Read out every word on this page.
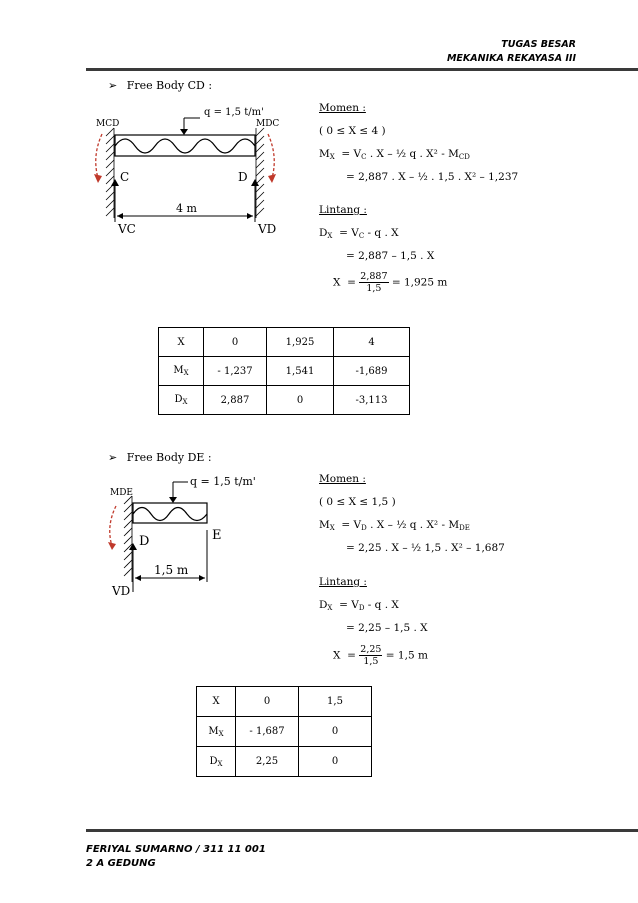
TUGAS BESAR
MEKANIKA REKAYASA III
➢ Free Body CD :
q = 1,5 t/m'
MCD	MDC
C	D
4 m
VC	VD
Momen :
( 0 ≤ X ≤ 4 )
$M_X = V_C$ . X – ½ q . $X^2 - M_{CD}$
= 2,887 . X – ½ . 1,5 . X² – 1,237
Lintang :
$D_X = V_C - q$ . X
= 2,887 – 1,5 . X
$X = \frac{2,887}{1,5} = 1,925$ m
X	0	1,925	4
$M_X$	- 1,237	1,541	-1,689
$D_X$	2,887	0	-3,113
➢ Free Body DE :
q = 1,5 t/m'
MDE
D	E
1,5 m
VD
Momen :
( 0 ≤ X ≤ 1,5 )
$M_X = V_D$ . X – ½ q . $X^2 - M_{DE}$
= 2,25 . X – ½ 1,5 . X² – 1,687
Lintang :
$D_X = V_D - q$ . X
= 2,25 – 1,5 . X
$X = \frac{2,25}{1,5} = 1,5$ m
X	0	1,5
$M_X$	- 1,687	0
$D_X$	2,25	0
FERIYAL SUMARNO / 311 11 001
2 A GEDUNG
